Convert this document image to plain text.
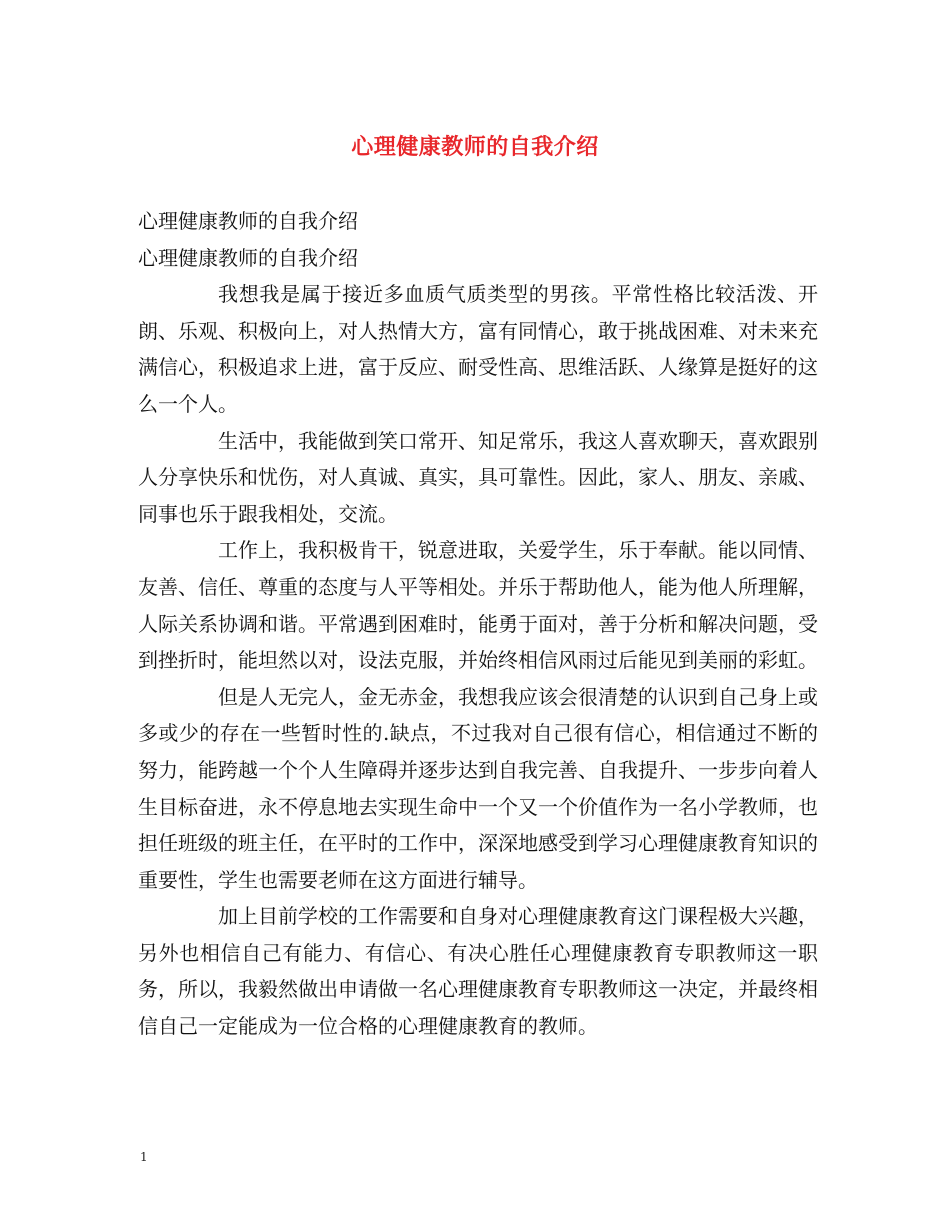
心理健康教师的自我介绍
心理健康教师的自我介绍
心理健康教师的自我介绍

我想我是属于接近多血质气质类型的男孩。平常性格比较活泼、开朗、乐观、积极向上，对人热情大方，富有同情心，敢于挑战困难、对未来充满信心，积极追求上进，富于反应、耐受性高、思维活跃、人缘算是挺好的这么一个人。

生活中，我能做到笑口常开、知足常乐，我这人喜欢聊天，喜欢跟别人分享快乐和忧伤，对人真诚、真实，具可靠性。因此，家人、朋友、亲戚、同事也乐于跟我相处，交流。

工作上，我积极肯干，锐意进取，关爱学生，乐于奉献。能以同情、友善、信任、尊重的态度与人平等相处。并乐于帮助他人，能为他人所理解，人际关系协调和谐。平常遇到困难时，能勇于面对，善于分析和解决问题，受到挫折时，能坦然以对，设法克服，并始终相信风雨过后能见到美丽的彩虹。

但是人无完人，金无赤金，我想我应该会很清楚的认识到自己身上或多或少的存在一些暂时性的.缺点，不过我对自己很有信心，相信通过不断的努力，能跨越一个个人生障碍并逐步达到自我完善、自我提升、一步步向着人生目标奋进，永不停息地去实现生命中一个又一个价值作为一名小学教师，也担任班级的班主任，在平时的工作中，深深地感受到学习心理健康教育知识的重要性，学生也需要老师在这方面进行辅导。

加上目前学校的工作需要和自身对心理健康教育这门课程极大兴趣，另外也相信自己有能力、有信心、有决心胜任心理健康教育专职教师这一职务，所以，我毅然做出申请做一名心理健康教育专职教师这一决定，并最终相信自己一定能成为一位合格的心理健康教育的教师。

1
